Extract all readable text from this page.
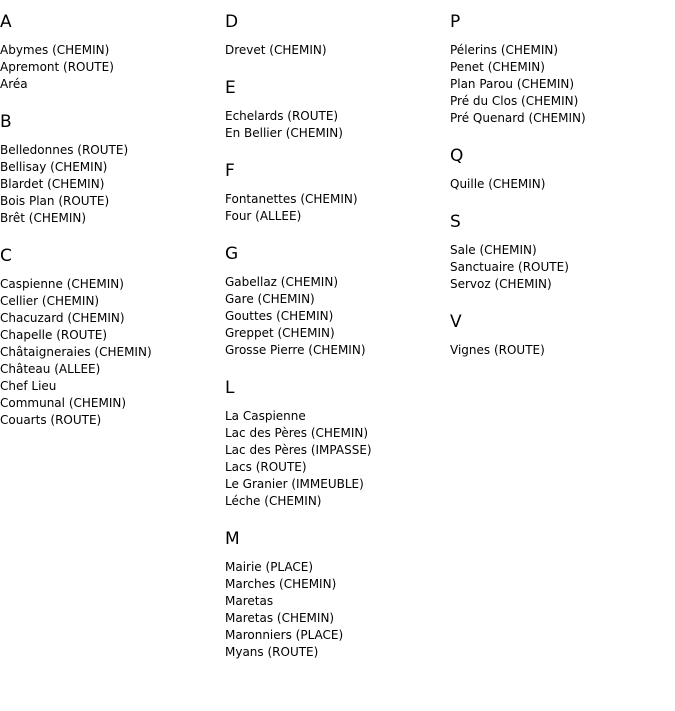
A
Abymes (CHEMIN)
Apremont (ROUTE)
Aréa
B
Belledonnes (ROUTE)
Bellisay (CHEMIN)
Blardet (CHEMIN)
Bois Plan (ROUTE)
Brêt (CHEMIN)
C
Caspienne (CHEMIN)
Cellier (CHEMIN)
Chacuzard (CHEMIN)
Chapelle (ROUTE)
Châtaigneraies (CHEMIN)
Château (ALLEE)
Chef Lieu
Communal (CHEMIN)
Couarts (ROUTE)
D
Drevet (CHEMIN)
E
Echelards (ROUTE)
En Bellier (CHEMIN)
F
Fontanettes (CHEMIN)
Four (ALLEE)
G
Gabellaz (CHEMIN)
Gare (CHEMIN)
Gouttes (CHEMIN)
Greppet (CHEMIN)
Grosse Pierre (CHEMIN)
L
La Caspienne
Lac des Pères (CHEMIN)
Lac des Pères (IMPASSE)
Lacs (ROUTE)
Le Granier (IMMEUBLE)
Léche (CHEMIN)
M
Mairie (PLACE)
Marches (CHEMIN)
Maretas
Maretas (CHEMIN)
Maronniers (PLACE)
Myans (ROUTE)
P
Pélerins (CHEMIN)
Penet (CHEMIN)
Plan Parou (CHEMIN)
Pré du Clos (CHEMIN)
Pré Quenard (CHEMIN)
Q
Quille (CHEMIN)
S
Sale (CHEMIN)
Sanctuaire (ROUTE)
Servoz (CHEMIN)
V
Vignes (ROUTE)
